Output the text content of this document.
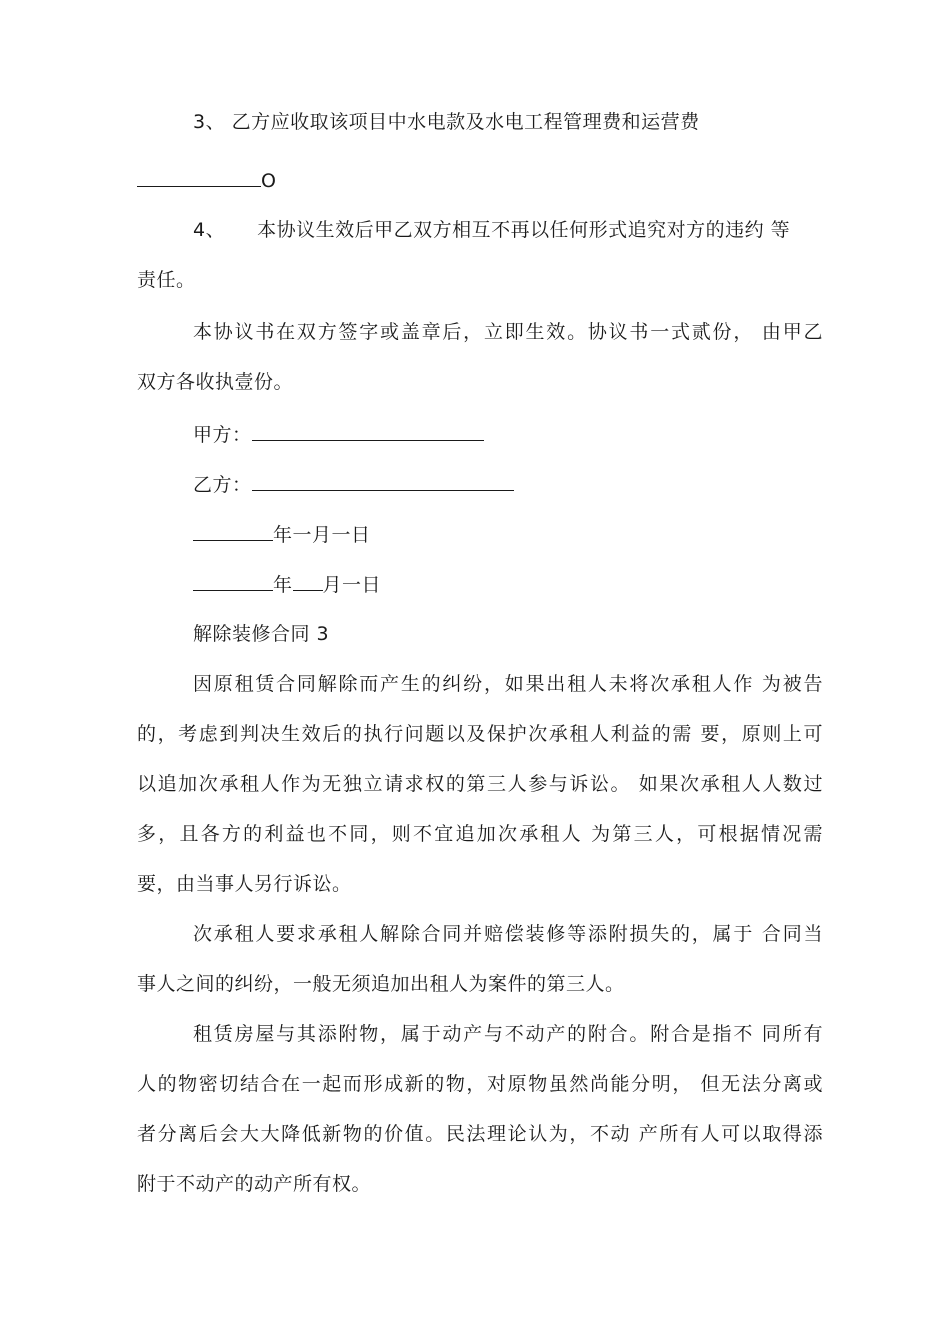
3、 乙方应收取该项目中水电款及水电工程管理费和运营费
O
4、 本协议生效后甲乙双方相互不再以任何形式追究对方的违约 等
责任。
本协议书在双方签字或盖章后，立即生效。协议书一式贰份， 由甲乙
双方各收执壹份。
甲方：
乙方：
年一月一日
年 月一日
解除装修合同 3
因原租赁合同解除而产生的纠纷，如果出租人未将次承租人作 为被告
的，考虑到判决生效后的执行问题以及保护次承租人利益的需 要，原则上可
以追加次承租人作为无独立请求权的第三人参与诉讼。 如果次承租人人数过
多，且各方的利益也不同，则不宜追加次承租人 为第三人，可根据情况需
要，由当事人另行诉讼。
次承租人要求承租人解除合同并赔偿装修等添附损失的，属于 合同当
事人之间的纠纷，一般无须追加出租人为案件的第三人。
租赁房屋与其添附物，属于动产与不动产的附合。附合是指不 同所有
人的物密切结合在一起而形成新的物，对原物虽然尚能分明， 但无法分离或
者分离后会大大降低新物的价值。民法理论认为，不动 产所有人可以取得添
附于不动产的动产所有权。
